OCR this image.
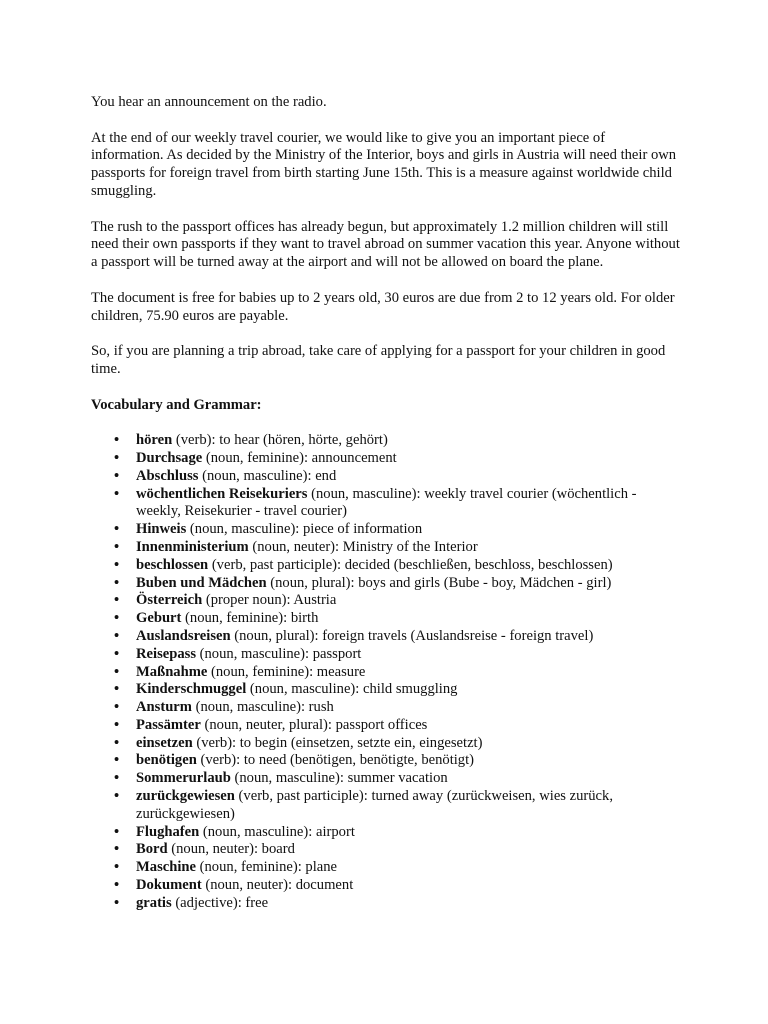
You hear an announcement on the radio.

At the end of our weekly travel courier, we would like to give you an important piece of information. As decided by the Ministry of the Interior, boys and girls in Austria will need their own passports for foreign travel from birth starting June 15th. This is a measure against worldwide child smuggling.

The rush to the passport offices has already begun, but approximately 1.2 million children will still need their own passports if they want to travel abroad on summer vacation this year. Anyone without a passport will be turned away at the airport and will not be allowed on board the plane.

The document is free for babies up to 2 years old, 30 euros are due from 2 to 12 years old. For older children, 75.90 euros are payable.

So, if you are planning a trip abroad, take care of applying for a passport for your children in good time.

Vocabulary and Grammar:

• hören (verb): to hear (hören, hörte, gehört)
• Durchsage (noun, feminine): announcement
• Abschluss (noun, masculine): end
• wöchentlichen Reisekuriers (noun, masculine): weekly travel courier (wöchentlich - weekly, Reisekurier - travel courier)
• Hinweis (noun, masculine): piece of information
• Innenministerium (noun, neuter): Ministry of the Interior
• beschlossen (verb, past participle): decided (beschließen, beschloss, beschlossen)
• Buben und Mädchen (noun, plural): boys and girls (Bube - boy, Mädchen - girl)
• Österreich (proper noun): Austria
• Geburt (noun, feminine): birth
• Auslandsreisen (noun, plural): foreign travels (Auslandsreise - foreign travel)
• Reisepass (noun, masculine): passport
• Maßnahme (noun, feminine): measure
• Kinderschmuggel (noun, masculine): child smuggling
• Ansturm (noun, masculine): rush
• Passämter (noun, neuter, plural): passport offices
• einsetzen (verb): to begin (einsetzen, setzte ein, eingesetzt)
• benötigen (verb): to need (benötigen, benötigte, benötigt)
• Sommerurlaub (noun, masculine): summer vacation
• zurückgewiesen (verb, past participle): turned away (zurückweisen, wies zurück, zurückgewiesen)
• Flughafen (noun, masculine): airport
• Bord (noun, neuter): board
• Maschine (noun, feminine): plane
• Dokument (noun, neuter): document
• gratis (adjective): free
